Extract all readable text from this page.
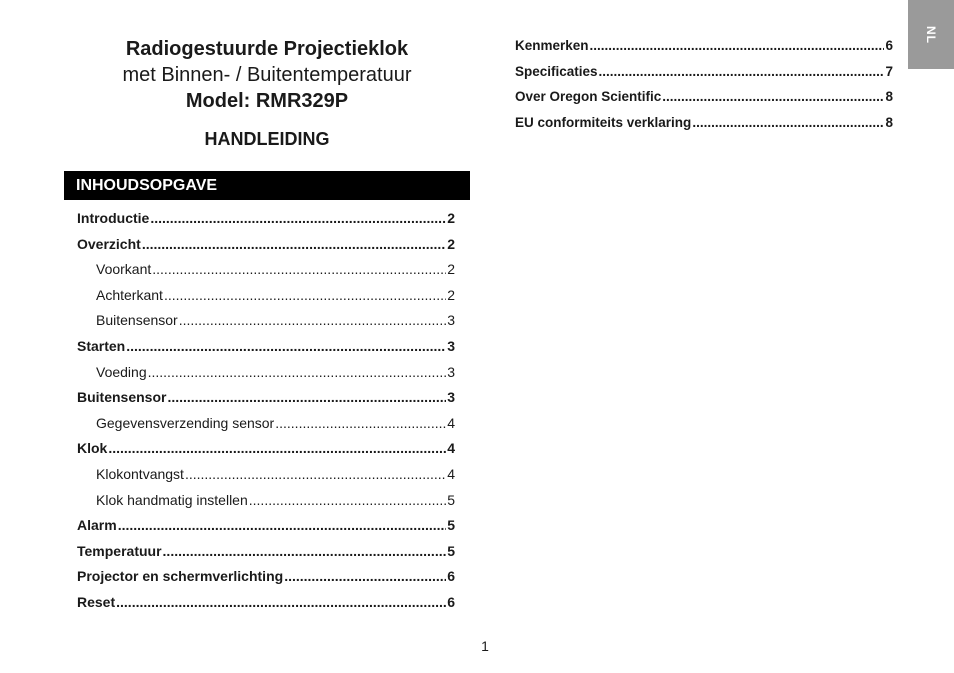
Radiogestuurde Projectieklok
met Binnen- / Buitentemperatuur
Model: RMR329P
HANDLEIDING
INHOUDSOPGAVE
Introductie .....	2
Overzicht .....	2
Voorkant .....	2
Achterkant .....	2
Buitensensor .....	3
Starten .....	3
Voeding .....	3
Buitensensor .....	3
Gegevensverzending sensor .....	4
Klok .....	4
Klokontvangst .....	4
Klok handmatig instellen .....	5
Alarm .....	5
Temperatuur .....	5
Projector en schermverlichting .....	6
Reset .....	6
Kenmerken .....	6
Specificaties .....	7
Over Oregon Scientific .....	8
EU conformiteits verklaring .....	8
NL
1
